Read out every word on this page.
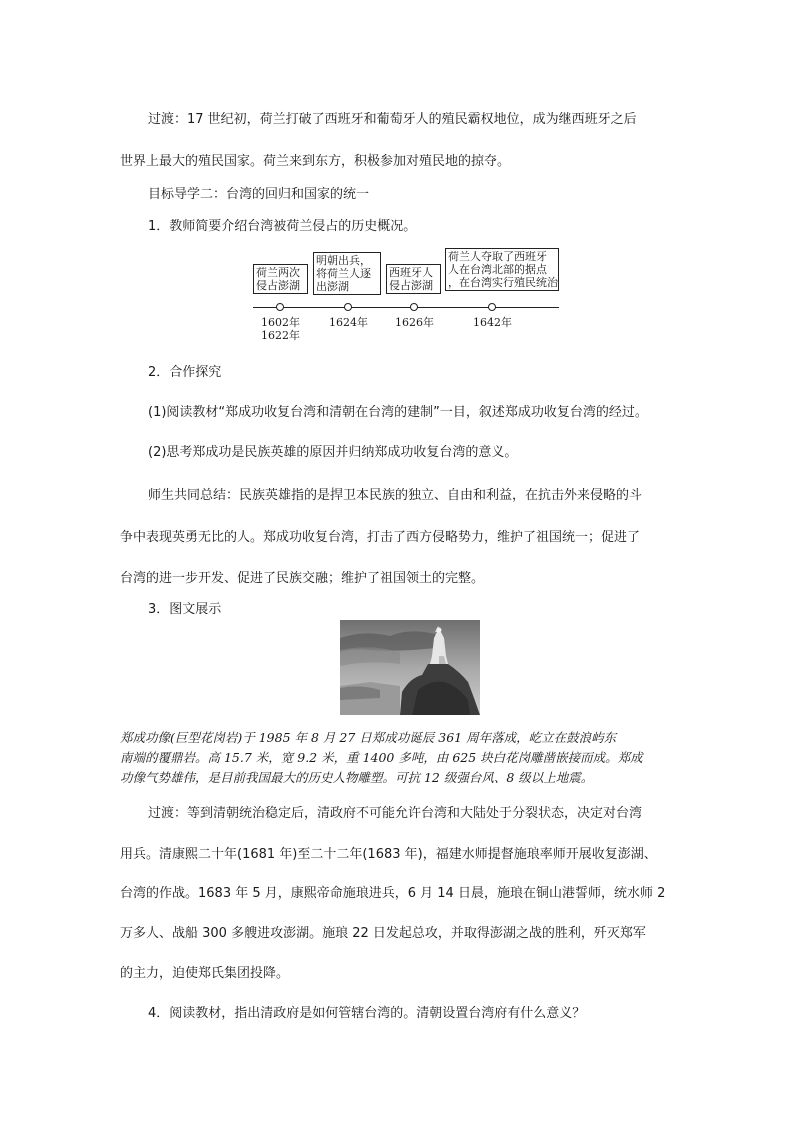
过渡：17 世纪初，荷兰打破了西班牙和葡萄牙人的殖民霸权地位，成为继西班牙之后
世界上最大的殖民国家。荷兰来到东方，积极参加对殖民地的掠夺。
目标导学二：台湾的回归和国家的统一
1．教师简要介绍台湾被荷兰侵占的历史概况。
荷兰两次
侵占澎湖
明朝出兵，
将荷兰人逐
出澎湖
西班牙人
侵占澎湖
荷兰人夺取了西班牙
人在台湾北部的据点
，在台湾实行殖民统治
1602年
1622年
1624年 1626年	1642年
2．合作探究
(1)阅读教材“郑成功收复台湾和清朝在台湾的建制”一目，叙述郑成功收复台湾的经过。
(2)思考郑成功是民族英雄的原因并归纳郑成功收复台湾的意义。
师生共同总结：民族英雄指的是捍卫本民族的独立、自由和利益，在抗击外来侵略的斗
争中表现英勇无比的人。郑成功收复台湾，打击了西方侵略势力，维护了祖国统一；促进了
台湾的进一步开发、促进了民族交融；维护了祖国领土的完整。
3．图文展示
郑成功像(巨型花岗岩)于 1985 年 8 月 27 日郑成功诞辰 361 周年落成，屹立在鼓浪屿东
南端的覆鼎岩。高 15.7 米，宽 9.2 米，重 1400 多吨，由 625 块白花岗雕凿嵌接而成。郑成
功像气势雄伟，是目前我国最大的历史人物雕塑。可抗 12 级强台风、8 级以上地震。
过渡：等到清朝统治稳定后，清政府不可能允许台湾和大陆处于分裂状态，决定对台湾
用兵。清康熙二十年(1681 年)至二十二年(1683 年)，福建水师提督施琅率师开展收复澎湖、
台湾的作战。1683 年 5 月，康熙帝命施琅进兵，6 月 14 日晨，施琅在铜山港誓师，统水师 2
万多人、战船 300 多艘进攻澎湖。施琅 22 日发起总攻，并取得澎湖之战的胜利，歼灭郑军
的主力，迫使郑氏集团投降。
4．阅读教材，指出清政府是如何管辖台湾的。清朝设置台湾府有什么意义？
